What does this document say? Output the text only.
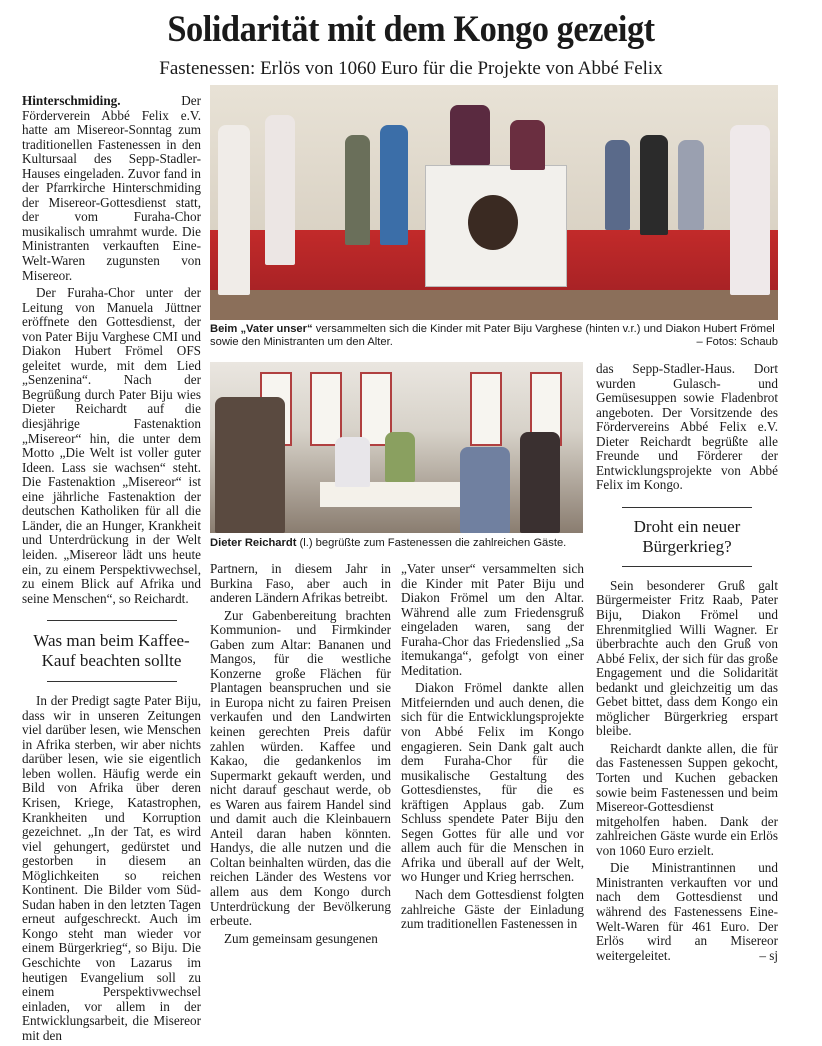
Solidarität mit dem Kongo gezeigt
Fastenessen: Erlös von 1060 Euro für die Projekte von Abbé Felix

Hinterschmiding. Der Förderverein Abbé Felix e.V. hatte am Misereor-Sonntag zum traditionellen Fastenessen in den Kultursaal des Sepp-Stadler-Hauses eingeladen. Zuvor fand in der Pfarrkirche Hinterschmiding der Misereor-Gottesdienst statt, der vom Furaha-Chor musikalisch umrahmt wurde. Die Ministranten verkauften Eine-Welt-Waren zugunsten von Misereor.

Der Furaha-Chor unter der Leitung von Manuela Jüttner eröffnete den Gottesdienst, der von Pater Biju Varghese CMI und Diakon Hubert Frömel OFS geleitet wurde, mit dem Lied „Senzenina“. Nach der Begrüßung durch Pater Biju wies Dieter Reichardt auf die diesjährige Fastenaktion „Misereor“ hin, die unter dem Motto „Die Welt ist voller guter Ideen. Lass sie wachsen“ steht. Die Fastenaktion „Misereor“ ist eine jährliche Fastenaktion der deutschen Katholiken für all die Länder, die an Hunger, Krankheit und Unterdrückung in der Welt leiden. „Misereor lädt uns heute ein, zu einem Perspektivwechsel, zu einem Blick auf Afrika und seine Menschen“, so Reichardt.

Was man beim Kaffee-Kauf beachten sollte

In der Predigt sagte Pater Biju, dass wir in unseren Zeitungen viel darüber lesen, wie Menschen in Afrika sterben, wir aber nichts darüber lesen, wie sie eigentlich leben wollen. Häufig werde ein Bild von Afrika über deren Krisen, Kriege, Katastrophen, Krankheiten und Korruption gezeichnet. „In der Tat, es wird viel gehungert, gedürstet und gestorben in diesem an Möglichkeiten so reichen Kontinent. Die Bilder vom Süd-Sudan haben in den letzten Tagen erneut aufgeschreckt. Auch im Kongo steht man wieder vor einem Bürgerkrieg“, so Biju. Die Geschichte von Lazarus im heutigen Evangelium soll zu einem Perspektivwechsel einladen, vor allem in der Entwicklungsarbeit, die Misereor mit den

Beim „Vater unser“ versammelten sich die Kinder mit Pater Biju Varghese (hinten v.r.) und Diakon Hubert Frömel sowie den Ministranten um den Alter.	– Fotos: Schaub
Dieter Reichardt (l.) begrüßte zum Fastenessen die zahlreichen Gäste.

Partnern, in diesem Jahr in Burkina Faso, aber auch in anderen Ländern Afrikas betreibt.

Zur Gabenbereitung brachten Kommunion- und Firmkinder Gaben zum Altar: Bananen und Mangos, für die westliche Konzerne große Flächen für Plantagen beanspruchen und sie in Europa nicht zu fairen Preisen verkaufen und den Landwirten keinen gerechten Preis dafür zahlen würden. Kaffee und Kakao, die gedankenlos im Supermarkt gekauft werden, und nicht darauf geschaut werde, ob es Waren aus fairem Handel sind und damit auch die Kleinbauern Anteil daran haben könnten. Handys, die alle nutzen und die Coltan beinhalten würden, das die reichen Länder des Westens vor allem aus dem Kongo durch Unterdrückung der Bevölkerung erbeute.

Zum gemeinsam gesungenen

„Vater unser“ versammelten sich die Kinder mit Pater Biju und Diakon Frömel um den Altar. Während alle zum Friedensgruß eingeladen waren, sang der Furaha-Chor das Friedenslied „Sa itemukanga“, gefolgt von einer Meditation.

Diakon Frömel dankte allen Mitfeiernden und auch denen, die sich für die Entwicklungsprojekte von Abbé Felix im Kongo engagieren. Sein Dank galt auch dem Furaha-Chor für die musikalische Gestaltung des Gottesdienstes, für die es kräftigen Applaus gab. Zum Schluss spendete Pater Biju den Segen Gottes für alle und vor allem auch für die Menschen in Afrika und überall auf der Welt, wo Hunger und Krieg herrschen.

Nach dem Gottesdienst folgten zahlreiche Gäste der Einladung zum traditionellen Fastenessen in

das Sepp-Stadler-Haus. Dort wurden Gulasch- und Gemüsesuppen sowie Fladenbrot angeboten. Der Vorsitzende des Fördervereins Abbé Felix e.V. Dieter Reichardt begrüßte alle Freunde und Förderer der Entwicklungsprojekte von Abbé Felix im Kongo.

Droht ein neuer Bürgerkrieg?

Sein besonderer Gruß galt Bürgermeister Fritz Raab, Pater Biju, Diakon Frömel und Ehrenmitglied Willi Wagner. Er überbrachte auch den Gruß von Abbé Felix, der sich für das große Engagement und die Solidarität bedankt und gleichzeitig um das Gebet bittet, dass dem Kongo ein möglicher Bürgerkrieg erspart bleibe.

Reichardt dankte allen, die für das Fastenessen Suppen gekocht, Torten und Kuchen gebacken sowie beim Fastenessen und beim Misereor-Gottesdienst mitgeholfen haben. Dank der zahlreichen Gäste wurde ein Erlös von 1060 Euro erzielt.

Die Ministrantinnen und Ministranten verkauften vor und nach dem Gottesdienst und während des Fastenessens Eine-Welt-Waren für 461 Euro. Der Erlös wird an Misereor weitergeleitet.	– sj
